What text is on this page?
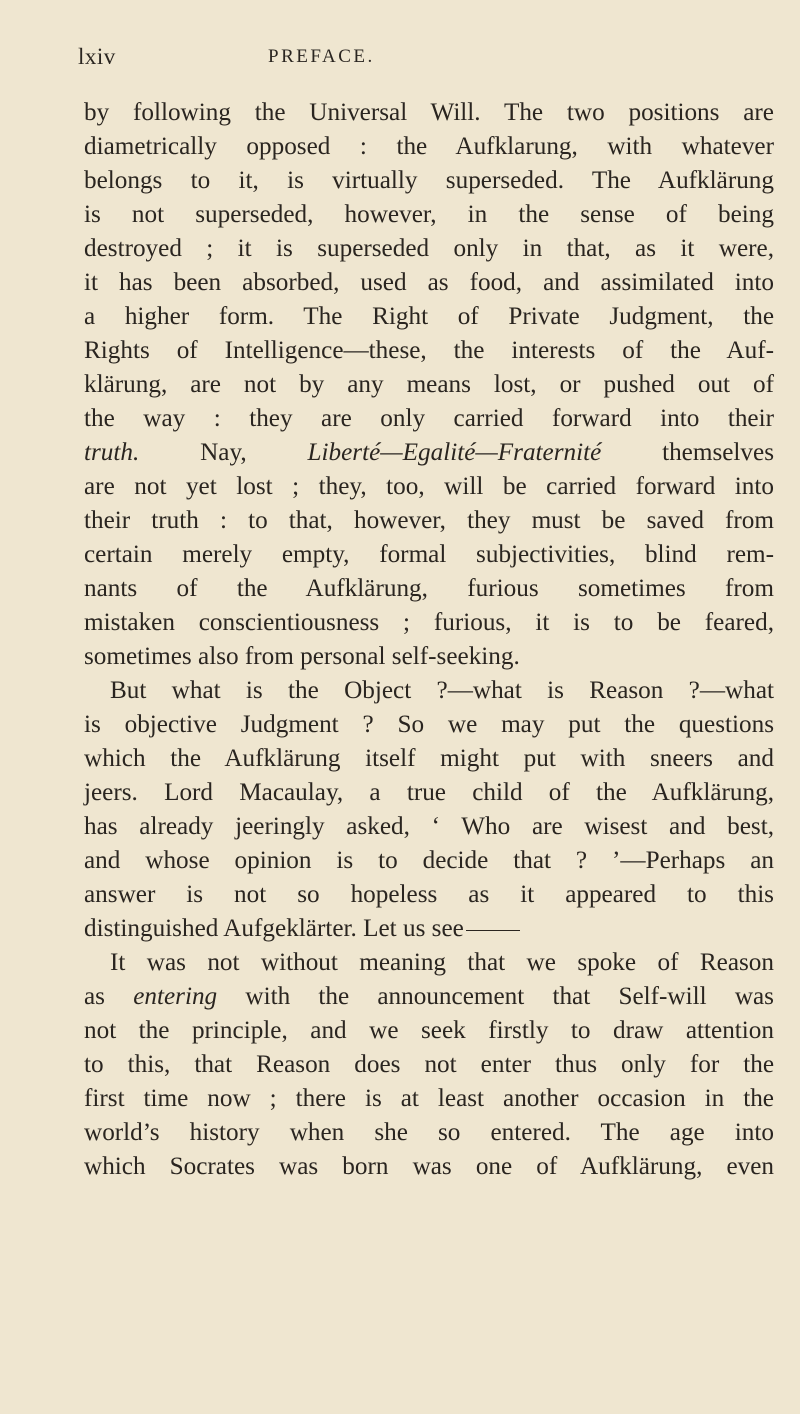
lxiv	PREFACE.
by following the Universal Will. The two positions are
diametrically opposed : the Aufklarung, with whatever
belongs to it, is virtually superseded. The Aufklärung
is not superseded, however, in the sense of being
destroyed ; it is superseded only in that, as it were,
it has been absorbed, used as food, and assimilated into
a higher form. The Right of Private Judgment, the
Rights of Intelligence—these, the interests of the Auf-
klärung, are not by any means lost, or pushed out of
the way : they are only carried forward into their
truth. Nay, Liberté—Egalité—Fraternité themselves
are not yet lost ; they, too, will be carried forward into
their truth : to that, however, they must be saved from
certain merely empty, formal subjectivities, blind rem-
nants of the Aufklärung, furious sometimes from
mistaken conscientiousness ; furious, it is to be feared,
sometimes also from personal self-seeking.
But what is the Object ?—what is Reason ?—what
is objective Judgment ? So we may put the questions
which the Aufklärung itself might put with sneers and
jeers. Lord Macaulay, a true child of the Aufklärung,
has already jeeringly asked, ‘ Who are wisest and best,
and whose opinion is to decide that ? ’—Perhaps an
answer is not so hopeless as it appeared to this
distinguished Aufgeklärter. Let us see
It was not without meaning that we spoke of Reason
as entering with the announcement that Self-will was
not the principle, and we seek firstly to draw attention
to this, that Reason does not enter thus only for the
first time now ; there is at least another occasion in the
world’s history when she so entered. The age into
which Socrates was born was one of Aufklärung, even
